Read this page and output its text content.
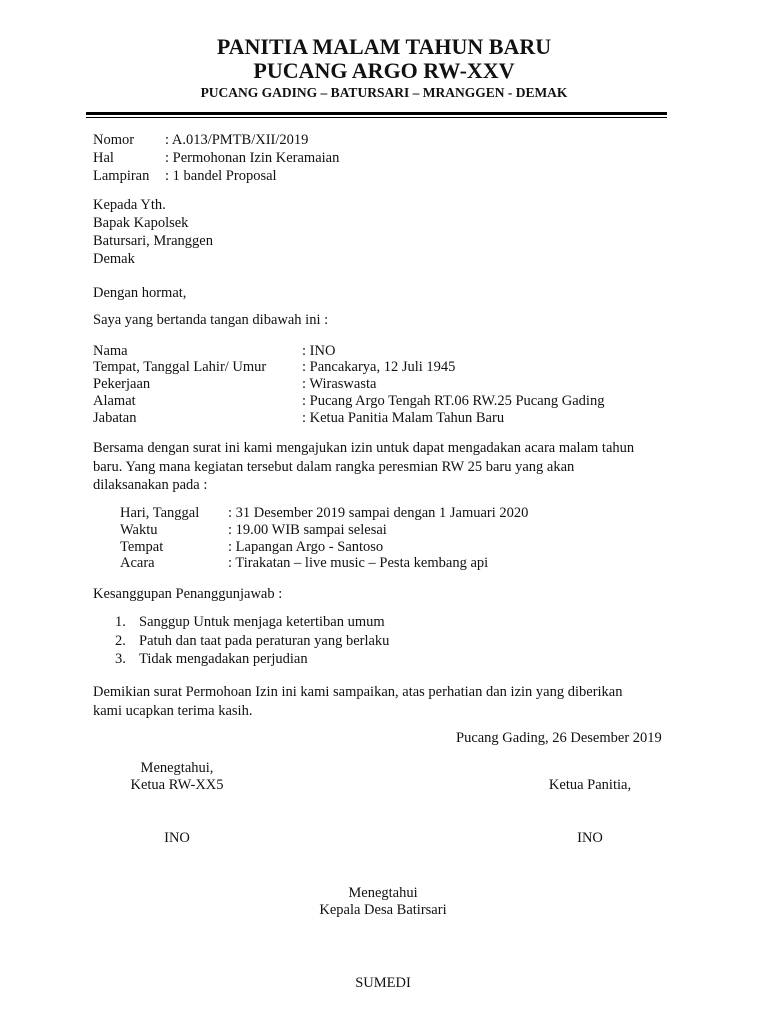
PANITIA MALAM TAHUN BARU
PUCANG ARGO RW-XXV
PUCANG GADING – BATURSARI – MRANGGEN - DEMAK
Nomor : A.013/PMTB/XII/2019
Hal	: Permohonan Izin Keramaian
Lampiran : 1 bandel Proposal
Kepada Yth.
Bapak Kapolsek
Batursari, Mranggen
Demak
Dengan hormat,
Saya yang bertanda tangan dibawah ini :
Nama	: INO
Tempat, Tanggal Lahir/ Umur : Pancakarya, 12 Juli 1945
Pekerjaan	: Wiraswasta
Alamat	: Pucang Argo Tengah RT.06 RW.25 Pucang Gading
Jabatan	: Ketua Panitia Malam Tahun Baru
Bersama dengan surat ini kami mengajukan izin untuk dapat mengadakan acara malam tahun
baru. Yang mana kegiatan tersebut dalam rangka peresmian RW 25 baru yang akan
dilaksanakan pada :
Hari, Tanggal : 31 Desember 2019 sampai dengan 1 Jamuari 2020
Waktu	: 19.00 WIB sampai selesai
Tempat	: Lapangan Argo - Santoso
Acara	: Tirakatan – live music – Pesta kembang api
Kesanggupan Penanggunjawab :
1. Sanggup Untuk menjaga ketertiban umum
2. Patuh dan taat pada peraturan yang berlaku
3. Tidak mengadakan perjudian
Demikian surat Permohoan Izin ini kami sampaikan, atas perhatian dan izin yang diberikan
kami ucapkan terima kasih.
Pucang Gading, 26 Desember 2019
Menegtahui,
Ketua RW-XX5
INO
Ketua Panitia,
INO
Menegtahui
Kepala Desa Batirsari
SUMEDI
